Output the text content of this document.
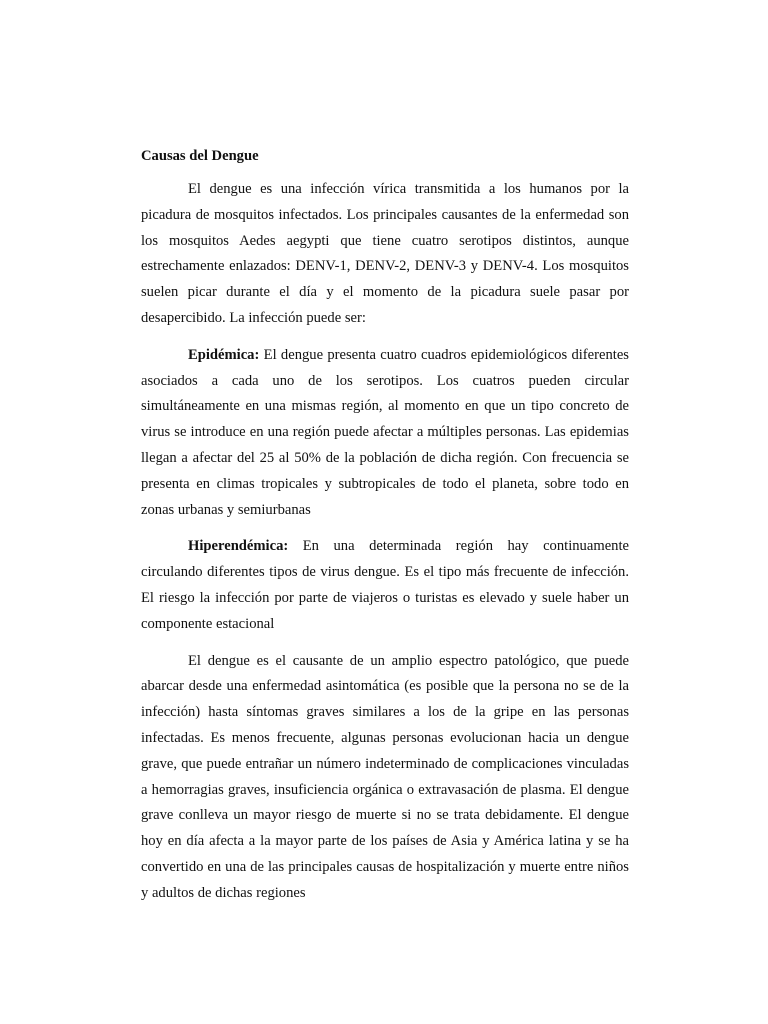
Causas del Dengue

El dengue es una infección vírica transmitida a los humanos por la picadura de mosquitos infectados. Los principales causantes de la enfermedad son los mosquitos Aedes aegypti que tiene cuatro serotipos distintos, aunque estrechamente enlazados: DENV-1, DENV-2, DENV-3 y DENV-4. Los mosquitos suelen picar durante el día y el momento de la picadura suele pasar por desapercibido. La infección puede ser:

Epidémica: El dengue presenta cuatro cuadros epidemiológicos diferentes asociados a cada uno de los serotipos. Los cuatros pueden circular simultáneamente en una mismas región, al momento en que un tipo concreto de virus se introduce en una región puede afectar a múltiples personas. Las epidemias llegan a afectar del 25 al 50% de la población de dicha región. Con frecuencia se presenta en climas tropicales y subtropicales de todo el planeta, sobre todo en zonas urbanas y semiurbanas

Hiperendémica: En una determinada región hay continuamente circulando diferentes tipos de virus dengue. Es el tipo más frecuente de infección. El riesgo la infección por parte de viajeros o turistas es elevado y suele haber un componente estacional

El dengue es el causante de un amplio espectro patológico, que puede abarcar desde una enfermedad asintomática (es posible que la persona no se de la infección) hasta síntomas graves similares a los de la gripe en las personas infectadas. Es menos frecuente, algunas personas evolucionan hacia un dengue grave, que puede entrañar un número indeterminado de complicaciones vinculadas a hemorragias graves, insuficiencia orgánica o extravasación de plasma. El dengue grave conlleva un mayor riesgo de muerte si no se trata debidamente. El dengue hoy en día afecta a la mayor parte de los países de Asia y América latina y se ha convertido en una de las principales causas de hospitalización y muerte entre niños y adultos de dichas regiones
